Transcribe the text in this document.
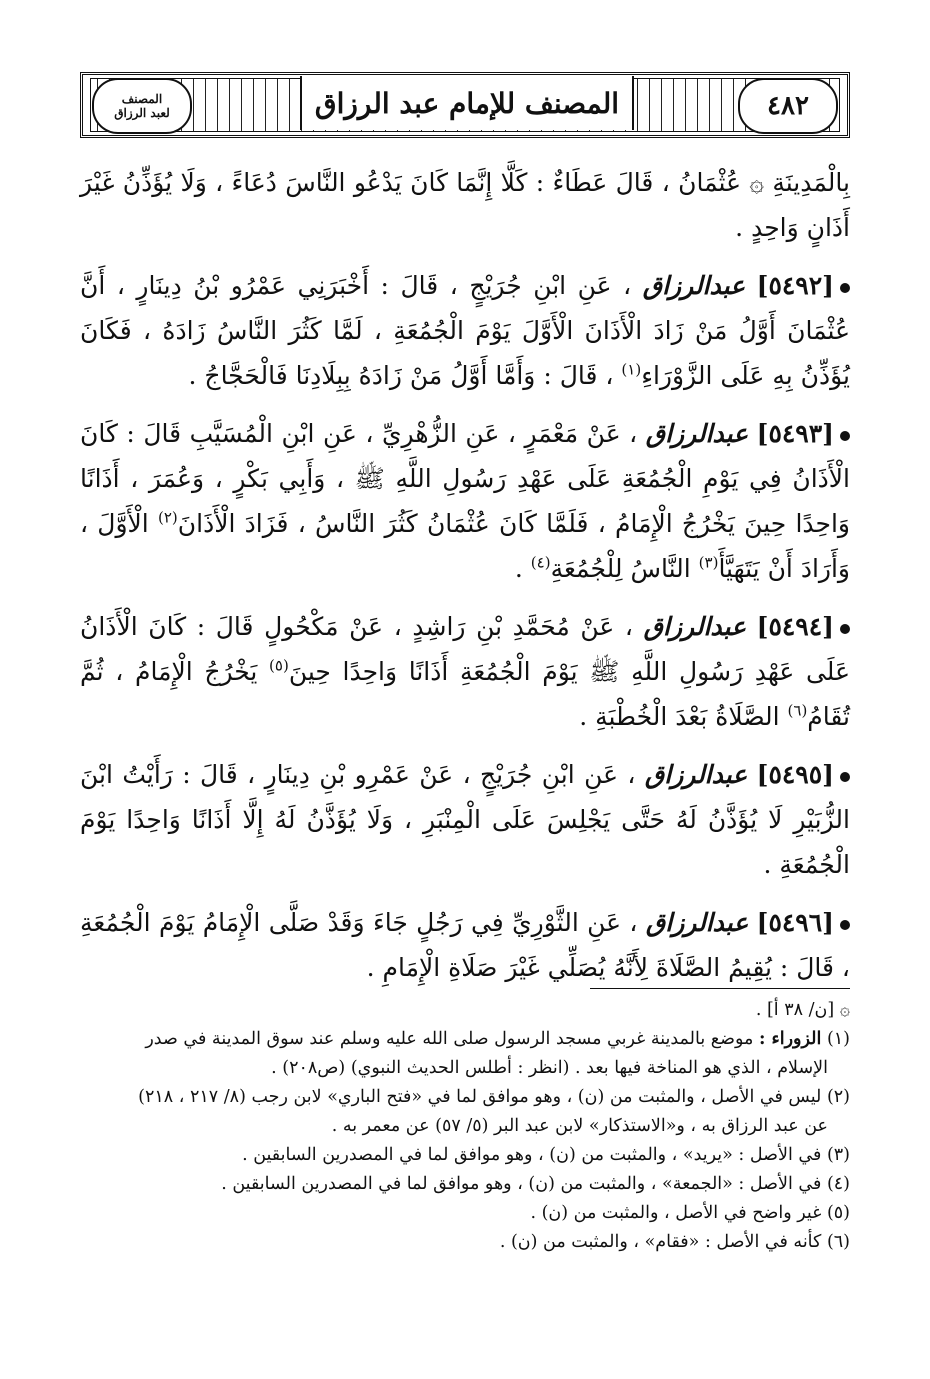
المصنف
لعبد الرزاق	المصنف للإمام عبد الرزاق	٤٨٢

بِالْمَدِينَةِ ۞ عُثْمَانُ ، قَالَ عَطَاءٌ : كَلَّا إِنَّمَا كَانَ يَدْعُو النَّاسَ دُعَاءً ، وَلَا يُؤَذِّنُ غَيْرَ أَذَانٍ وَاحِدٍ .

[٥٤٩٢] عبدالرزاق ، عَنِ ابْنِ جُرَيْجٍ ، قَالَ : أَخْبَرَنِي عَمْرُو بْنُ دِينَارٍ ، أَنَّ عُثْمَانَ أَوَّلُ مَنْ زَادَ الْأَذَانَ الْأَوَّلَ يَوْمَ الْجُمُعَةِ ، لَمَّا كَثُرَ النَّاسُ زَادَهُ ، فَكَانَ يُؤَذِّنُ بِهِ عَلَى الزَّوْرَاءِ$^{(١)}$ ، قَالَ : وَأَمَّا أَوَّلُ مَنْ زَادَهُ بِبِلَادِنَا فَالْحَجَّاجُ .

[٥٤٩٣] عبدالرزاق ، عَنْ مَعْمَرٍ ، عَنِ الزُّهْرِيِّ ، عَنِ ابْنِ الْمُسَيَّبِ قَالَ : كَانَ الْأَذَانُ فِي يَوْمِ الْجُمُعَةِ عَلَى عَهْدِ رَسُولِ اللَّهِ ﷺ ، وَأَبِي بَكْرٍ ، وَعُمَرَ ، أَذَانًا وَاحِدًا حِينَ يَخْرُجُ الْإِمَامُ ، فَلَمَّا كَانَ عُثْمَانُ كَثُرَ النَّاسُ ، فَزَادَ الْأَذَانَ$^{(٢)}$ الْأَوَّلَ ، وَأَرَادَ أَنْ يَتَهَيَّأَ$^{(٣)}$ النَّاسُ لِلْجُمُعَةِ$^{(٤)}$ .

[٥٤٩٤] عبدالرزاق ، عَنْ مُحَمَّدِ بْنِ رَاشِدٍ ، عَنْ مَكْحُولٍ قَالَ : كَانَ الْأَذَانُ عَلَى عَهْدِ رَسُولِ اللَّهِ ﷺ يَوْمَ الْجُمُعَةِ أَذَانًا وَاحِدًا حِينَ$^{(٥)}$ يَخْرُجُ الْإِمَامُ ، ثُمَّ تُقَامُ$^{(٦)}$ الصَّلَاةُ بَعْدَ الْخُطْبَةِ .

[٥٤٩٥] عبدالرزاق ، عَنِ ابْنِ جُرَيْجٍ ، عَنْ عَمْرِو بْنِ دِينَارٍ ، قَالَ : رَأَيْتُ ابْنَ الزُّبَيْرِ لَا يُؤَذَّنُ لَهُ حَتَّى يَجْلِسَ عَلَى الْمِنْبَرِ ، وَلَا يُؤَذَّنُ لَهُ إِلَّا أَذَانًا وَاحِدًا يَوْمَ الْجُمُعَةِ .

[٥٤٩٦] عبدالرزاق ، عَنِ الثَّوْرِيِّ فِي رَجُلٍ جَاءَ وَقَدْ صَلَّى الْإِمَامُ يَوْمَ الْجُمُعَةِ ، قَالَ : يُقِيمُ الصَّلَاةَ لِأَنَّهُ يُصَلِّي غَيْرَ صَلَاةِ الْإِمَامِ .

۞ [ن/ ٣٨ أ] .

(١) الزوراء : موضع بالمدينة غربي مسجد الرسول صلى الله عليه وسلم عند سوق المدينة في صدر

الإسلام ، الذي هو المناخة فيها بعد . (انظر : أطلس الحديث النبوي) (ص٢٠٨) .

(٢) ليس في الأصل ، والمثبت من (ن) ، وهو موافق لما في «فتح الباري» لابن رجب (٨/ ٢١٧ ، ٢١٨)

عن عبد الرزاق به ، و«الاستذكار» لابن عبد البر (٥/ ٥٧) عن معمر به .

(٣) في الأصل : «يريد» ، والمثبت من (ن) ، وهو موافق لما في المصدرين السابقين .

(٤) في الأصل : «الجمعة» ، والمثبت من (ن) ، وهو موافق لما في المصدرين السابقين .

(٥) غير واضح في الأصل ، والمثبت من (ن) .

(٦) كأنه في الأصل : «فقام» ، والمثبت من (ن) .
